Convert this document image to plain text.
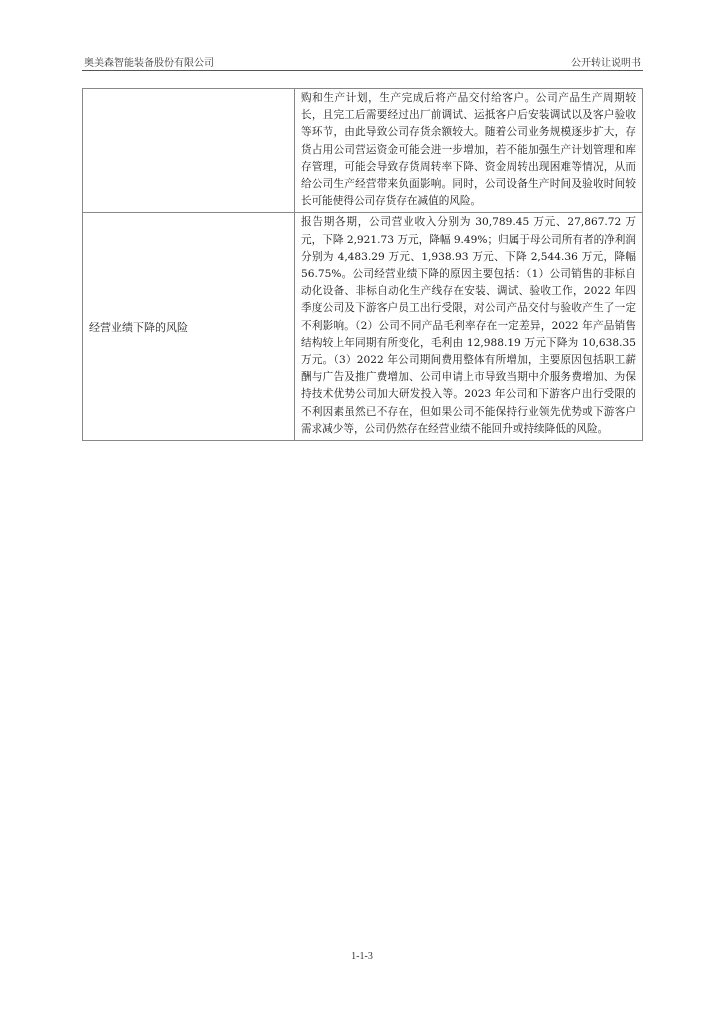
奥美森智能装备股份有限公司	公开转让说明书
	购和生产计划，生产完成后将产品交付给客户。公司产品生产周期较长，且完工后需要经过出厂前调试、运抵客户后安装调试以及客户验收等环节，由此导致公司存货余额较大。随着公司业务规模逐步扩大，存货占用公司营运资金可能会进一步增加，若不能加强生产计划管理和库存管理，可能会导致存货周转率下降、资金周转出现困难等情况，从而给公司生产经营带来负面影响。同时，公司设备生产时间及验收时间较长可能使得公司存货存在减值的风险。
经营业绩下降的风险	报告期各期，公司营业收入分别为 30,789.45 万元、27,867.72 万元，下降 2,921.73 万元，降幅 9.49%；归属于母公司所有者的净利润分别为 4,483.29 万元、1,938.93 万元、下降 2,544.36 万元，降幅 56.75%。公司经营业绩下降的原因主要包括：（1）公司销售的非标自动化设备、非标自动化生产线存在安装、调试、验收工作，2022 年四季度公司及下游客户员工出行受限，对公司产品交付与验收产生了一定不利影响。（2）公司不同产品毛利率存在一定差异，2022 年产品销售结构较上年同期有所变化，毛利由 12,988.19 万元下降为 10,638.35 万元。（3）2022 年公司期间费用整体有所增加，主要原因包括职工薪酬与广告及推广费增加、公司申请上市导致当期中介服务费增加、为保持技术优势公司加大研发投入等。2023 年公司和下游客户出行受限的不利因素虽然已不存在，但如果公司不能保持行业领先优势或下游客户需求减少等，公司仍然存在经营业绩不能回升或持续降低的风险。
1-1-3
